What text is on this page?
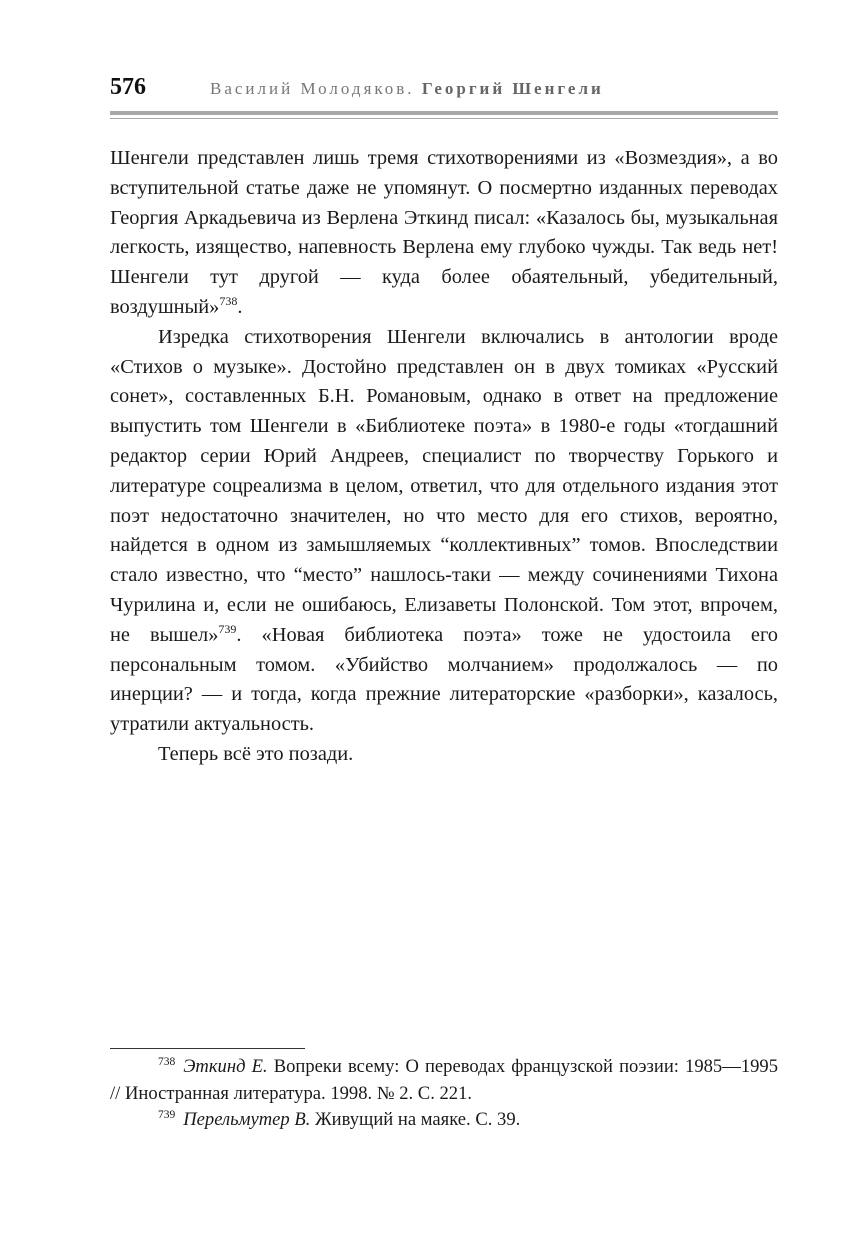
576	Василий Молодяков. Георгий Шенгели

Шенгели представлен лишь тремя стихотворениями из «Возмездия», а во вступительной статье даже не упомянут. О посмертно изданных переводах Георгия Аркадьевича из Верлена Эткинд писал: «Казалось бы, музыкальная легкость, изящество, напевность Верлена ему глубоко чужды. Так ведь нет! Шенгели тут другой — куда более обаятельный, убедительный, воздушный»$^{738}$.

Изредка стихотворения Шенгели включались в антологии вроде «Стихов о музыке». Достойно представлен он в двух томиках «Русский сонет», составленных Б.Н. Романовым, однако в ответ на предложение выпустить том Шенгели в «Библиотеке поэта» в 1980-е годы «тогдашний редактор серии Юрий Андреев, специалист по творчеству Горького и литературе соцреализма в целом, ответил, что для отдельного издания этот поэт недостаточно значителен, но что место для его стихов, вероятно, найдется в одном из замышляемых “коллективных” томов. Впоследствии стало известно, что “место” нашлось-таки — между сочинениями Тихона Чурилина и, если не ошибаюсь, Елизаветы Полонской. Том этот, впрочем, не вышел»$^{739}$. «Новая библиотека поэта» тоже не удостоила его персональным томом. «Убийство молчанием» продолжалось — по инерции? — и тогда, когда прежние литераторские «разборки», казалось, утратили актуальность.

Теперь всё это позади.

$^{738}$ Эткинд Е. Вопреки всему: О переводах французской поэзии: 1985—1995 // Иностранная литература. 1998. № 2. С. 221.

$^{739}$ Перельмутер В. Живущий на маяке. С. 39.
